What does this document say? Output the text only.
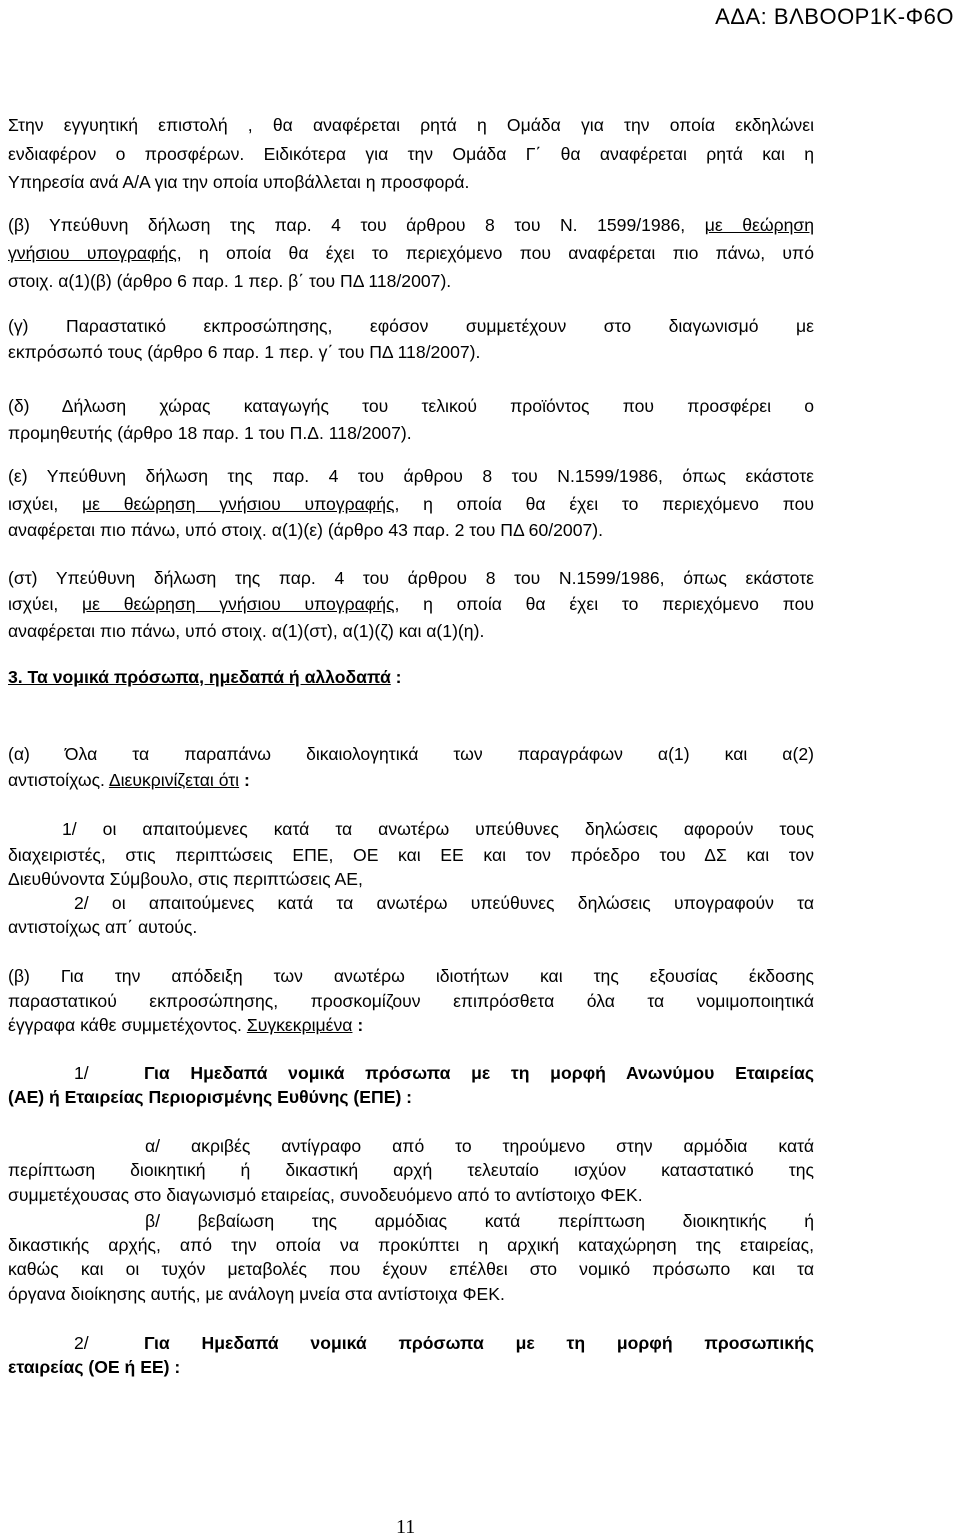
ΑΔΑ: ΒΛΒΟΟΡ1Κ-Φ6Ο
Στην εγγυητική επιστολή , θα αναφέρεται ρητά η Ομάδα για την οποία εκδηλώνει
ενδιαφέρον ο προσφέρων. Ειδικότερα για την Ομάδα Γ΄ θα αναφέρεται ρητά και η
Υπηρεσία ανά Α/Α για την οποία υποβάλλεται η προσφορά.
(β) Υπεύθυνη δήλωση της παρ. 4 του άρθρου 8 του Ν. 1599/1986, με θεώρηση
γνήσιου υπογραφής, η οποία θα έχει το περιεχόμενο που αναφέρεται πιο πάνω, υπό
στοιχ. α(1)(β) (άρθρο 6 παρ. 1 περ. β΄ του ΠΔ 118/2007).
(γ) Παραστατικό εκπροσώπησης, εφόσον συμμετέχουν στο διαγωνισμό με
εκπρόσωπό τους (άρθρο 6 παρ. 1 περ. γ΄ του ΠΔ 118/2007).
(δ) Δήλωση χώρας καταγωγής του τελικού προϊόντος που προσφέρει ο
προμηθευτής (άρθρο 18 παρ. 1 του Π.Δ. 118/2007).
(ε) Υπεύθυνη δήλωση της παρ. 4 του άρθρου 8 του Ν.1599/1986, όπως εκάστοτε
ισχύει, με θεώρηση γνήσιου υπογραφής, η οποία θα έχει το περιεχόμενο που
αναφέρεται πιο πάνω, υπό στοιχ. α(1)(ε) (άρθρο 43 παρ. 2 του ΠΔ 60/2007).
(στ) Υπεύθυνη δήλωση της παρ. 4 του άρθρου 8 του Ν.1599/1986, όπως εκάστοτε
ισχύει, με θεώρηση γνήσιου υπογραφής, η οποία θα έχει το περιεχόμενο που
αναφέρεται πιο πάνω, υπό στοιχ. α(1)(στ), α(1)(ζ) και α(1)(η).
3. Τα νομικά πρόσωπα, ημεδαπά ή αλλοδαπά :
(α) Όλα τα παραπάνω δικαιολογητικά των παραγράφων α(1) και α(2)
αντιστοίχως. Διευκρινίζεται ότι :
1/ οι απαιτούμενες κατά τα ανωτέρω υπεύθυνες δηλώσεις αφορούν τους
διαχειριστές, στις περιπτώσεις ΕΠΕ, ΟΕ και ΕΕ και τον πρόεδρο του ΔΣ και τον
Διευθύνοντα Σύμβουλο, στις περιπτώσεις ΑΕ,
2/ οι απαιτούμενες κατά τα ανωτέρω υπεύθυνες δηλώσεις υπογραφούν τα
αντιστοίχως απ΄ αυτούς.
(β) Για την απόδειξη των ανωτέρω ιδιοτήτων και της εξουσίας έκδοσης
παραστατικού εκπροσώπησης, προσκομίζουν επιπρόσθετα όλα τα νομιμοποιητικά
έγγραφα κάθε συμμετέχοντος. Συγκεκριμένα :
1/	Για Ημεδαπά νομικά πρόσωπα με τη μορφή Ανωνύμου Εταιρείας
(ΑΕ) ή Εταιρείας Περιορισμένης Ευθύνης (ΕΠΕ) :
α/ ακριβές αντίγραφο από το τηρούμενο στην αρμόδια κατά
περίπτωση διοικητική ή δικαστική αρχή τελευταίο ισχύον καταστατικό της
συμμετέχουσας στο διαγωνισμό εταιρείας, συνοδευόμενο από το αντίστοιχο ΦΕΚ.
β/ βεβαίωση της αρμόδιας κατά περίπτωση διοικητικής ή
δικαστικής αρχής, από την οποία να προκύπτει η αρχική καταχώρηση της εταιρείας,
καθώς και οι τυχόν μεταβολές που έχουν επέλθει στο νομικό πρόσωπο και τα
όργανα διοίκησης αυτής, με ανάλογη μνεία στα αντίστοιχα ΦΕΚ.
2/	Για Ημεδαπά νομικά πρόσωπα με τη μορφή προσωπικής
εταιρείας (ΟΕ ή ΕΕ) :
11
